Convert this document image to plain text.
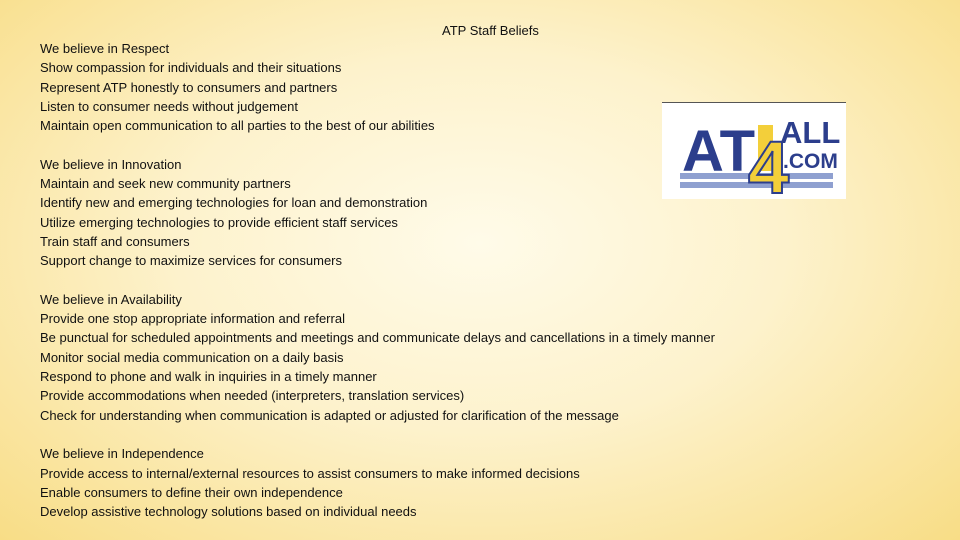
ATP Staff Beliefs
AT
4
ALL
.COM
We believe in Respect
Show compassion for individuals and their situations
Represent ATP honestly to consumers and partners
Listen to consumer needs without judgement
Maintain open communication to all parties to the best of our abilities
We believe in Innovation
Maintain and seek new community partners
Identify new and emerging technologies for loan and demonstration
Utilize emerging technologies to provide efficient staff services
Train staff and consumers
Support change to maximize services for consumers
We believe in Availability
Provide one stop appropriate information and referral
Be punctual for scheduled appointments and meetings and communicate delays and cancellations in a timely manner
Monitor social media communication on a daily basis
Respond to phone and walk in inquiries in a timely manner
Provide accommodations when needed (interpreters, translation services)
Check for understanding when communication is adapted or adjusted for clarification of the message
We believe in Independence
Provide access to internal/external resources to assist consumers to make informed decisions
Enable consumers to define their own independence
Develop assistive technology solutions based on individual needs
